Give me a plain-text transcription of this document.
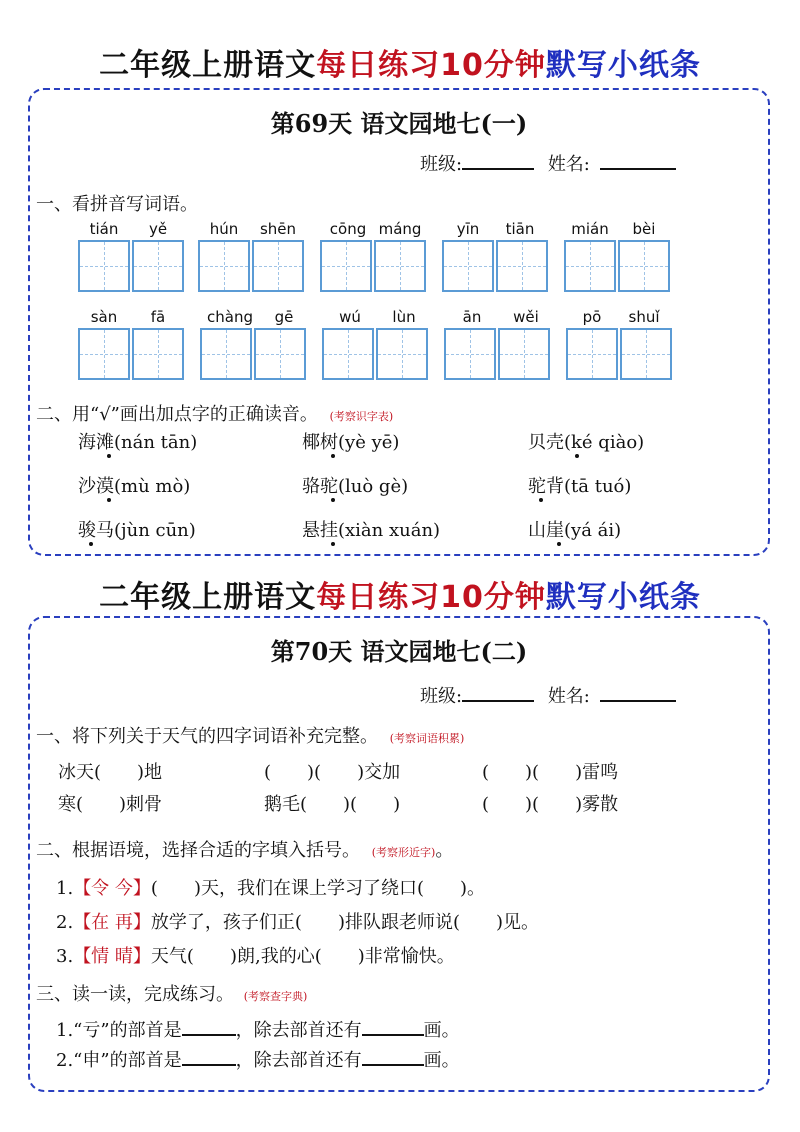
二年级上册语文每日练习10分钟默写小纸条
第69天 语文园地七(一)
班级:	姓名:
一、看拼音写词语。
tián	yě	hún	shēn	cōng máng	yīn	tiān	mián	bèi
sàn	fā	chàng	gē	wú	lùn	ān	wěi	pō	shuǐ
二、用“√”画出加点字的正确读音。 (考察识字表)
海滩(nán tān)	椰树(yè yē)	贝壳(ké qiào)
沙漠(mù mò)	骆驼(luò gè)	驼背(tā tuó)
骏马(jùn cūn)	悬挂(xiàn xuán)	山崖(yá ái)
二年级上册语文每日练习10分钟默写小纸条
第70天 语文园地七(二)
班级:	姓名:
一、将下列关于天气的四字词语补充完整。 (考察词语积累)
冰天(　　)地	(　　)(　　)交加	(　　)(　　)雷鸣
寒(　　)刺骨	鹅毛(　　)(　　)	(　　)(　　)雾散
二、根据语境，选择合适的字填入括号。 (考察形近字)。
1.【令 今】(　　)天，我们在课上学习了绕口(　　)。
2.【在 再】放学了，孩子们正(　　)排队跟老师说(　　)见。
3.【情 晴】天气(　　)朗,我的心(　　)非常愉快。
三、读一读，完成练习。 (考察查字典)
1.“亏”的部首是	，除去部首还有	画。
2.“申”的部首是	，除去部首还有	画。
